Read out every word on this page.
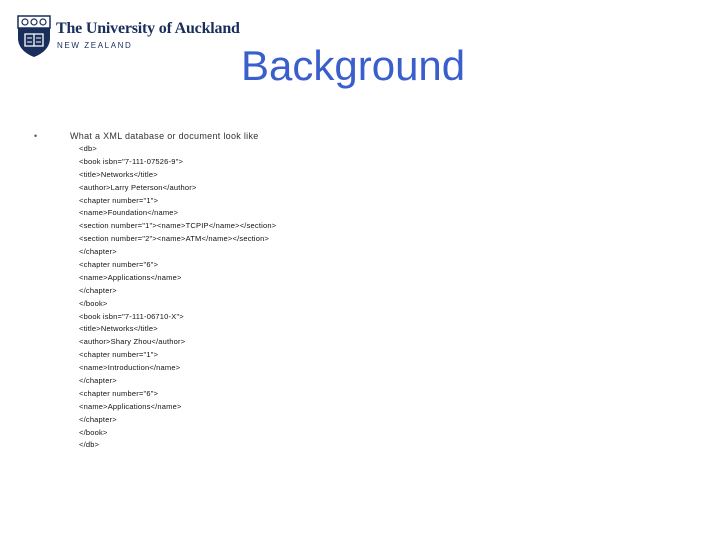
The University of Auckland
NEW ZEALAND	Background
•	What a XML database or document look like
<db>
<book isbn="7-111-07526-9">
<title>Networks</title>
<author>Larry Peterson</author>
<chapter number="1">
<name>Foundation</name>
<section number="1"><name>TCPIP</name></section>
<section number="2"><name>ATM</name></section>
</chapter>
<chapter number="6">
<name>Applications</name>
</chapter>
</book>
<book isbn="7-111-06710-X">
<title>Networks</title>
<author>Shary Zhou</author>
<chapter number="1">
<name>Introduction</name>
</chapter>
<chapter number="6">
<name>Applications</name>
</chapter>
</book>
</db>
